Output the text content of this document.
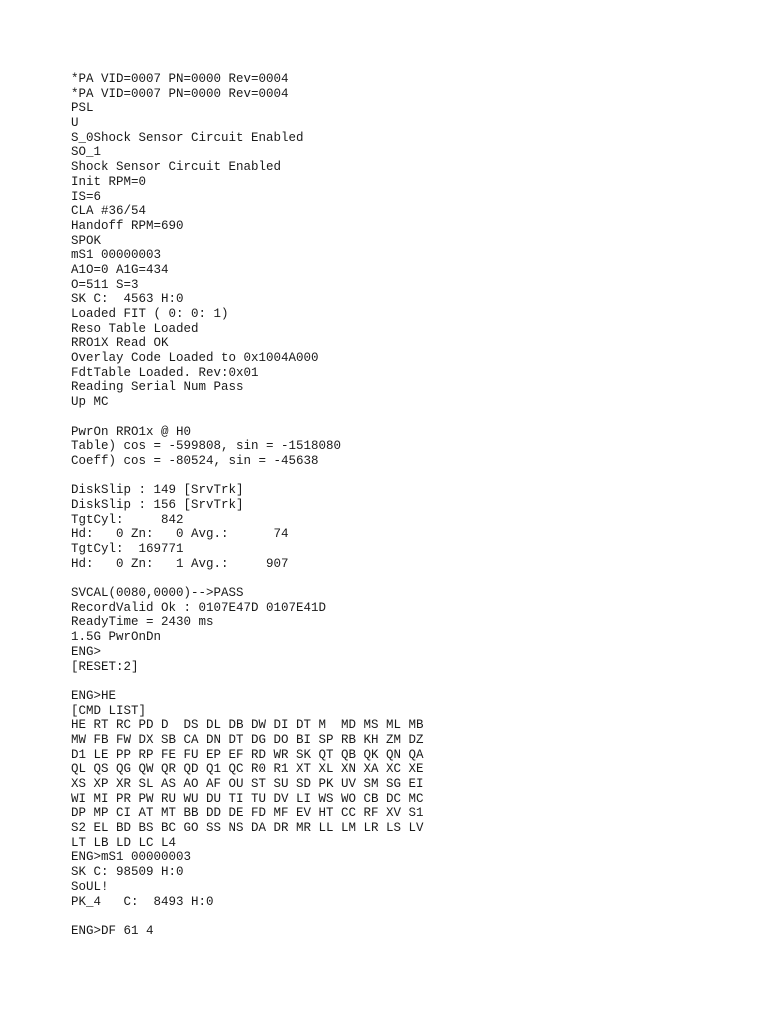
*PA VID=0007 PN=0000 Rev=0004
*PA VID=0007 PN=0000 Rev=0004
PSL
U
S_0Shock Sensor Circuit Enabled
SO_1
Shock Sensor Circuit Enabled
Init RPM=0
IS=6
CLA #36/54
Handoff RPM=690
SPOK
mS1 00000003
A1O=0 A1G=434
O=511 S=3
SK C:  4563 H:0
Loaded FIT ( 0: 0: 1)
Reso Table Loaded
RRO1X Read OK
Overlay Code Loaded to 0x1004A000
FdtTable Loaded. Rev:0x01
Reading Serial Num Pass
Up MC
PwrOn RRO1x @ H0
Table) cos = -599808, sin = -1518080
Coeff) cos = -80524, sin = -45638
DiskSlip : 149 [SrvTrk]
DiskSlip : 156 [SrvTrk]
TgtCyl:     842
Hd:   0 Zn:   0 Avg.:      74
TgtCyl:  169771
Hd:   0 Zn:   1 Avg.:     907
SVCAL(0080,0000)-->PASS
RecordValid Ok : 0107E47D 0107E41D
ReadyTime = 2430 ms
1.5G PwrOnDn
ENG>
[RESET:2]
ENG>HE
[CMD LIST]
HE RT RC PD D  DS DL DB DW DI DT M  MD MS ML MB
MW FB FW DX SB CA DN DT DG DO BI SP RB KH ZM DZ
D1 LE PP RP FE FU EP EF RD WR SK QT QB QK QN QA
QL QS QG QW QR QD Q1 QC R0 R1 XT XL XN XA XC XE
XS XP XR SL AS AO AF OU ST SU SD PK UV SM SG EI
WI MI PR PW RU WU DU TI TU DV LI WS WO CB DC MC
DP MP CI AT MT BB DD DE FD MF EV HT CC RF XV S1
S2 EL BD BS BC GO SS NS DA DR MR LL LM LR LS LV
LT LB LD LC L4
ENG>mS1 00000003
SK C: 98509 H:0
SoUL!
PK_4   C:  8493 H:0
ENG>DF 61 4
